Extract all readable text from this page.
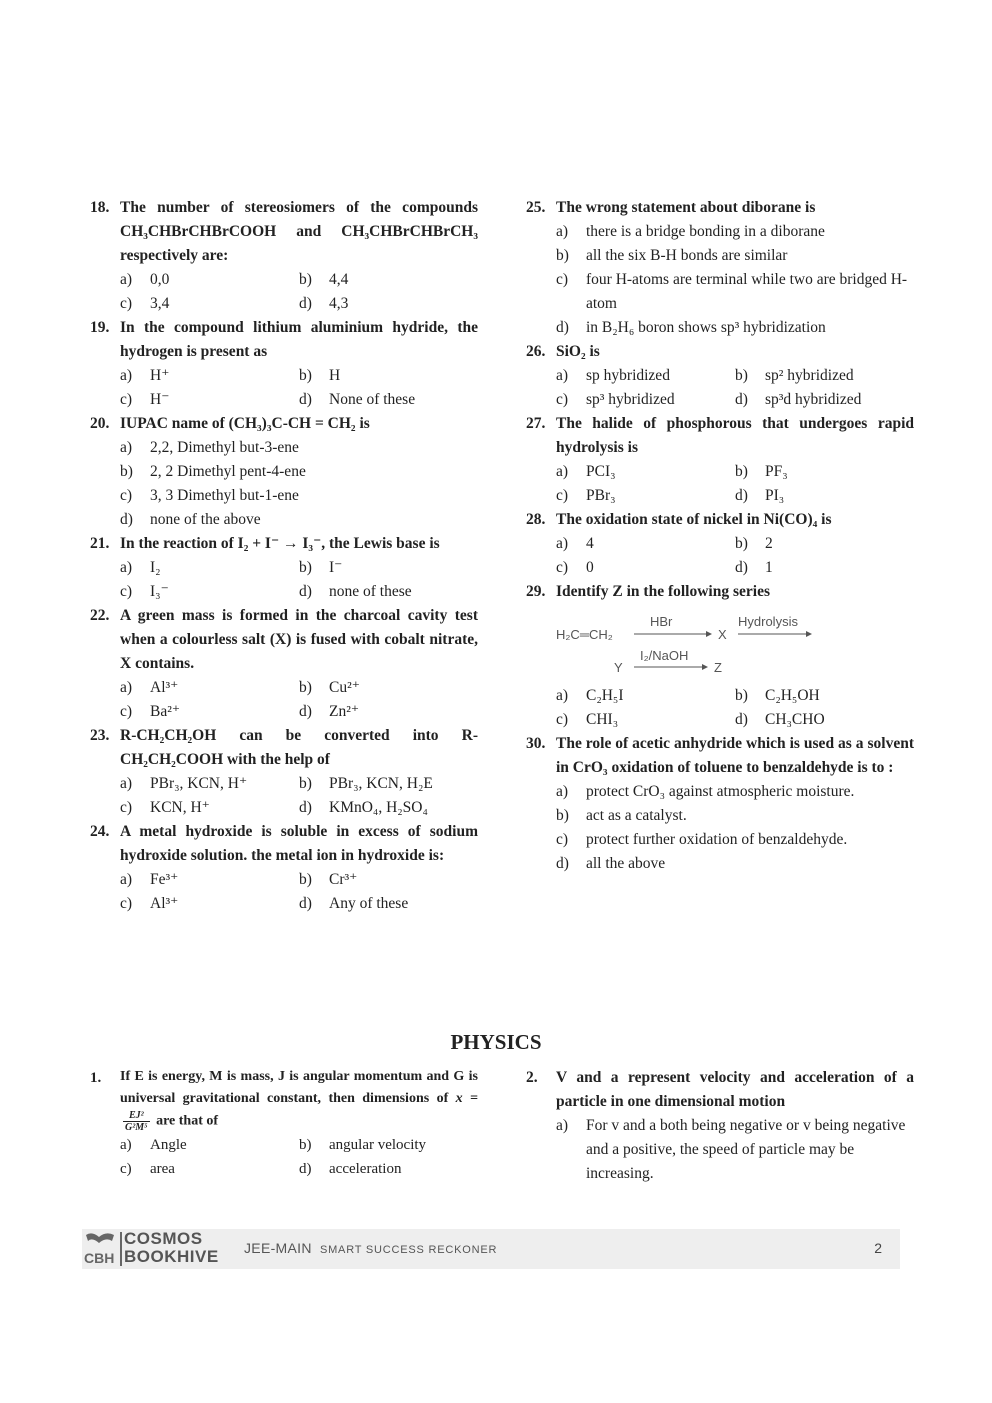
18. The number of stereosiomers of the compounds CH₃CHBrCHBrCOOH and CH₃CHBrCHBrCH₃ respectively are:
a) 0,0	b) 4,4
c) 3,4	d) 4,3
19. In the compound lithium aluminium hydride, the hydrogen is present as
a) H⁺	b) H
c) H⁻	d) None of these
20. IUPAC name of (CH₃)₃C-CH = CH₂ is
a) 2,2, Dimethyl but-3-ene
b) 2, 2 Dimethyl pent-4-ene
c) 3, 3 Dimethyl but-1-ene
d) none of the above
21. In the reaction of I₂ + I⁻ → I₃⁻, the Lewis base is
a) I₂	b) I⁻
c) I₃⁻	d) none of these
22. A green mass is formed in the charcoal cavity test when a colourless salt (X) is fused with cobalt nitrate, X contains.
a) Al³⁺	b) Cu²⁺
c) Ba²⁺	d) Zn²⁺
23. R-CH₂CH₂OH can be converted into R-CH₂CH₂COOH with the help of
a) PBr₃, KCN, H⁺	b) PBr₃, KCN, H₂E
c) KCN, H⁺	d) KMnO₄, H₂SO₄
24. A metal hydroxide is soluble in excess of sodium hydroxide solution. the metal ion in hydroxide is:
a) Fe³⁺	b) Cr³⁺
c) Al³⁺	d) Any of these
25. The wrong statement about diborane is
a) there is a bridge bonding in a diborane
b) all the six B-H bonds are similar
c) four H-atoms are terminal while two are bridged H-atom
d) in B₂H₆ boron shows sp³ hybridization
26. SiO₂ is
a) sp hybridized	b) sp² hybridized
c) sp³ hybridized	d) sp³d hybridized
27. The halide of phosphorous that undergoes rapid hydrolysis is
a) PCI₃	b) PF₃
c) PBr₃	d) PI₃
28. The oxidation state of nickel in Ni(CO)₄ is
a) 4	b) 2
c) 0	d) 1
29. Identify Z in the following series
H₂C═CH₂
HBr
X
Hydrolysis
Y
I₂/NaOH
Z
a) C₂H₅I	b) C₂H₅OH
c) CHI₃	d) CH₃CHO
30. The role of acetic anhydride which is used as a solvent in CrO₃ oxidation of toluene to benzaldehyde is to :
a) protect CrO₃ against atmospheric moisture.
b) act as a catalyst.
c) protect further oxidation of benzaldehyde.
d) all the above
PHYSICS
1. If E is energy, M is mass, J is angular momentum and G is universal gravitational constant, then dimensions of x =
$\frac{\text{EJ²}}{\text{G²M⁵}}$ are that of
a) Angle	b) angular velocity
c) area	d) acceleration
2. V and a represent velocity and acceleration of a particle in one dimensional motion
a) For v and a both being negative or v being negative and a positive, the speed of particle may be increasing.
CBH
COSMOS
BOOKHIVE JEE-MAIN SMART SUCCESS RECKONER	2
